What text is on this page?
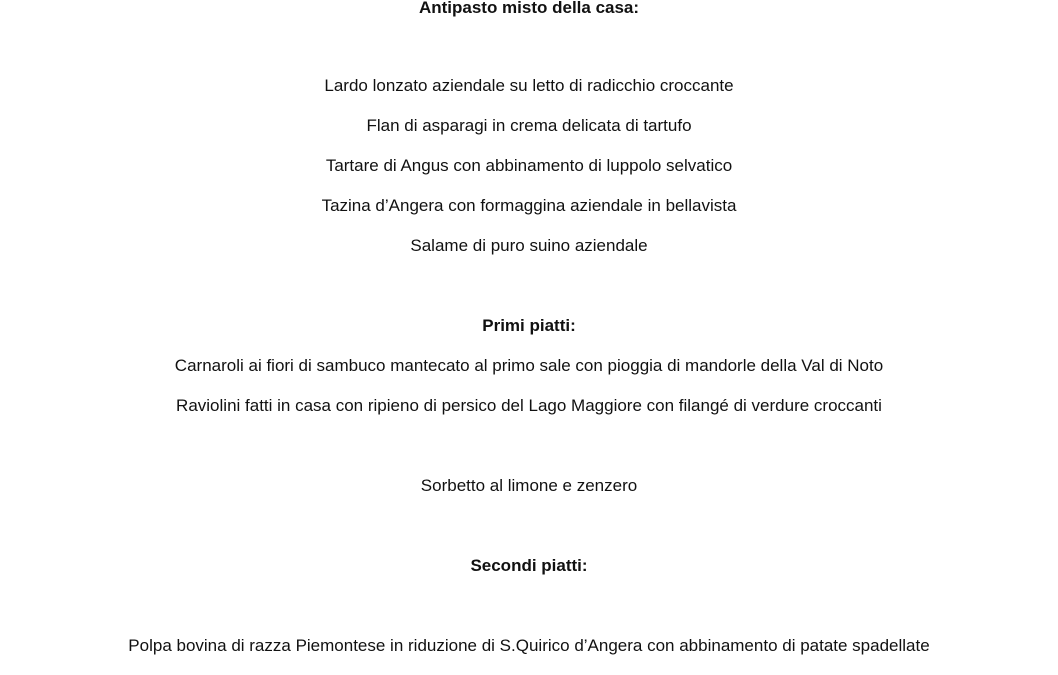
Antipasto misto della casa:
Lardo lonzato aziendale su letto di radicchio croccante
Flan di asparagi in crema delicata di tartufo
Tartare di Angus con abbinamento di luppolo selvatico
Tazina d’Angera con formaggina aziendale in bellavista
Salame di puro suino aziendale
Primi piatti:
Carnaroli ai fiori di sambuco mantecato al primo sale con pioggia di mandorle della Val di Noto
Raviolini fatti in casa con ripieno di persico del Lago Maggiore con filangé di verdure croccanti
Sorbetto al limone e zenzero
Secondi piatti:
Polpa bovina di razza Piemontese in riduzione di S.Quirico d’Angera con abbinamento di patate spadellate
